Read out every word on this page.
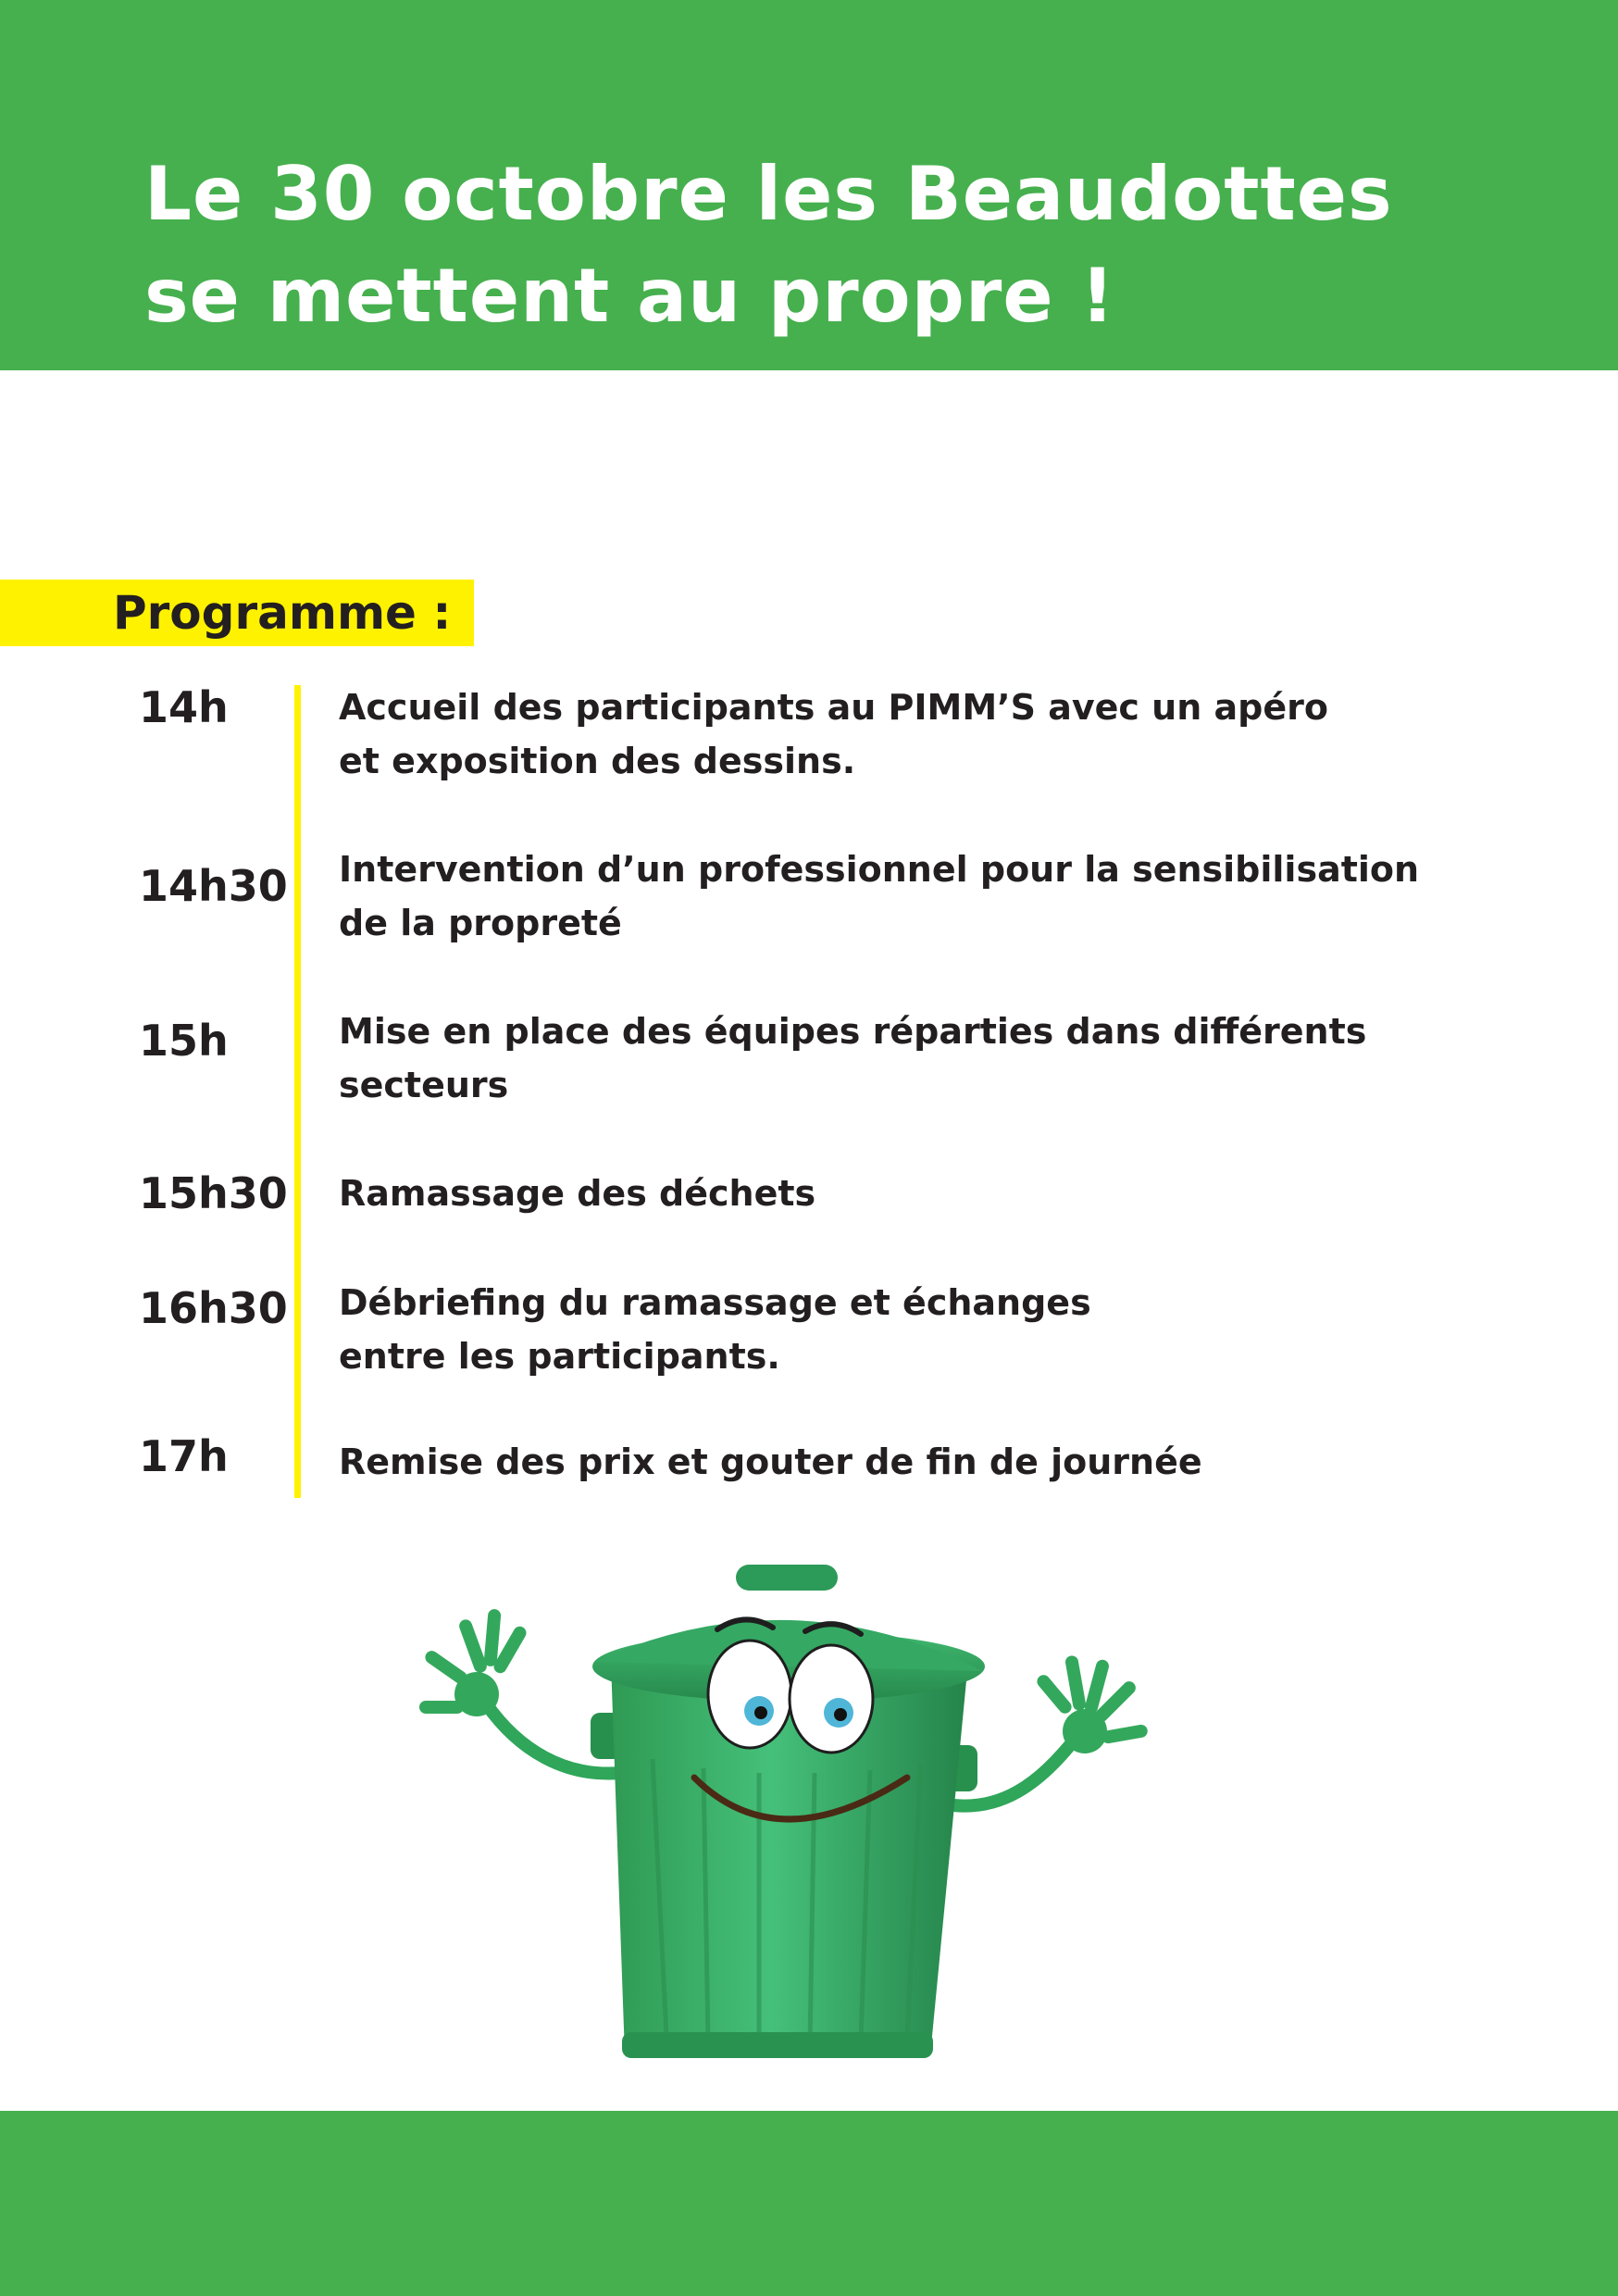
Le 30 octobre les Beaudottes
se mettent au propre !
Programme :
14h	Accueil des participants au PIMM’S avec un apéro
et exposition des dessins.
14h30 Intervention d’un professionnel pour la sensibilisation
de la propreté
15h	Mise en place des équipes réparties dans différents
secteurs
15h30 Ramassage des déchets
16h30 Débriefing du ramassage et échanges
entre les participants.
17h	Remise des prix et gouter de fin de journée
